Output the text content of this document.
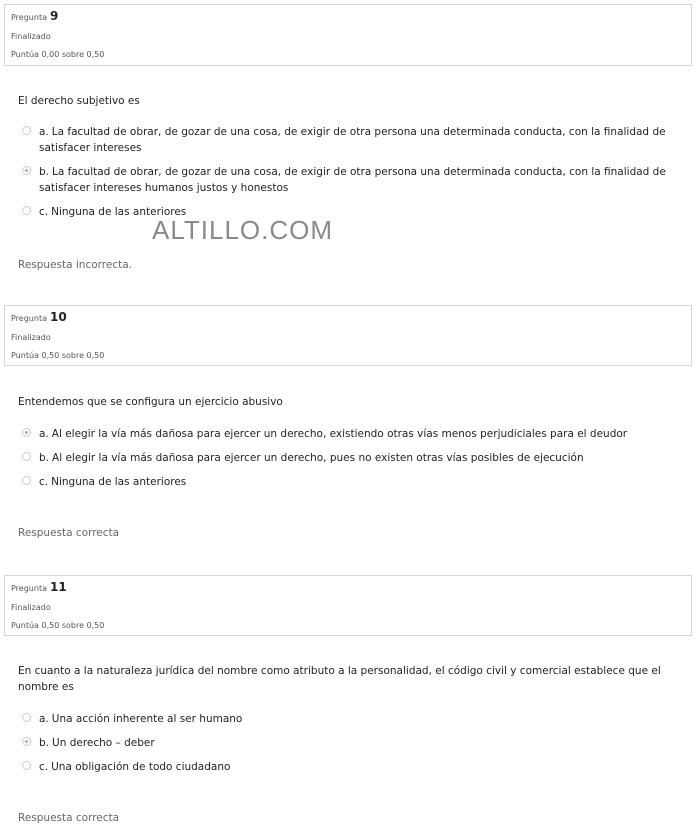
Pregunta 9
Finalizado
Puntúa 0,00 sobre 0,50
El derecho subjetivo es
a. La facultad de obrar, de gozar de una cosa, de exigir de otra persona una determinada conducta, con la finalidad de satisfacer intereses
b. La facultad de obrar, de gozar de una cosa, de exigir de otra persona una determinada conducta, con la finalidad de satisfacer intereses humanos justos y honestos
c. Ninguna de las anteriores
Respuesta incorrecta.
ALTILLO.COM
Pregunta 10
Finalizado
Puntúa 0,50 sobre 0,50
Entendemos que se configura un ejercicio abusivo
a. Al elegir la vía más dañosa para ejercer un derecho, existiendo otras vías menos perjudiciales para el deudor
b. Al elegir la vía más dañosa para ejercer un derecho, pues no existen otras vías posibles de ejecución
c. Ninguna de las anteriores
Respuesta correcta
Pregunta 11
Finalizado
Puntúa 0,50 sobre 0,50
En cuanto a la naturaleza jurídica del nombre como atributo a la personalidad, el código civil y comercial establece que el nombre es
a. Una acción inherente al ser humano
b. Un derecho – deber
c. Una obligación de todo ciudadano
Respuesta correcta
